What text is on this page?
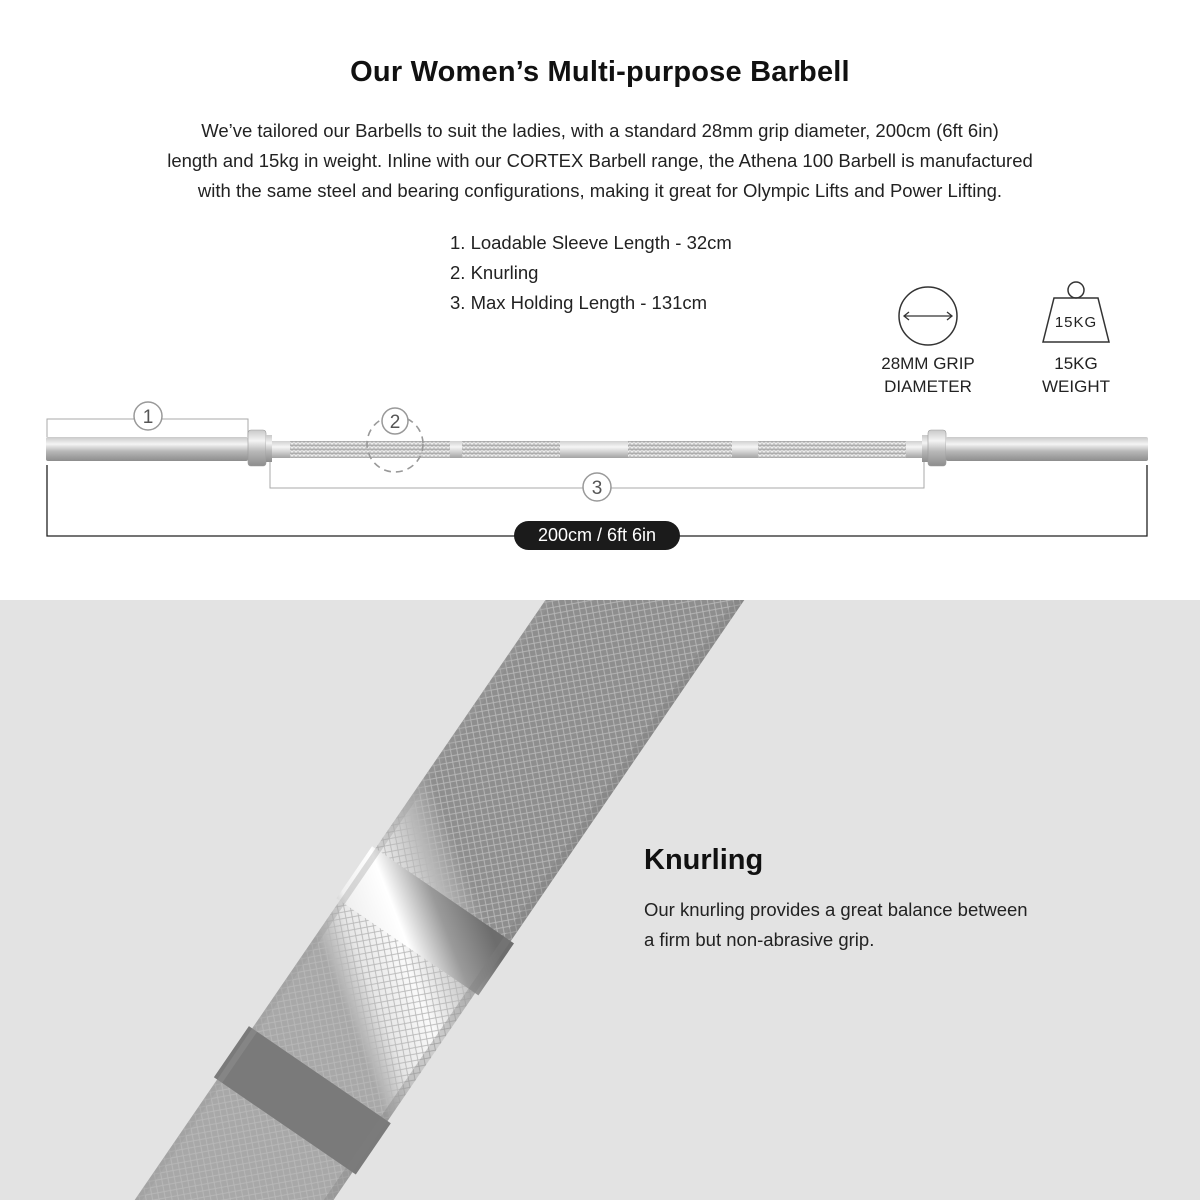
Our Women’s Multi-purpose Barbell
We’ve tailored our Barbells to suit the ladies, with a standard 28mm grip diameter, 200cm (6ft 6in)
length and 15kg in weight. Inline with our CORTEX Barbell range, the Athena 100 Barbell is manufactured
with the same steel and bearing configurations, making it great for Olympic Lifts and Power Lifting.
1. Loadable Sleeve Length - 32cm
2. Knurling
3. Max Holding Length - 131cm
28MM GRIP
DIAMETER
15KG
15KG
WEIGHT
1	2
3
200cm / 6ft 6in
Knurling
Our knurling provides a great balance between
a firm but non-abrasive grip.
